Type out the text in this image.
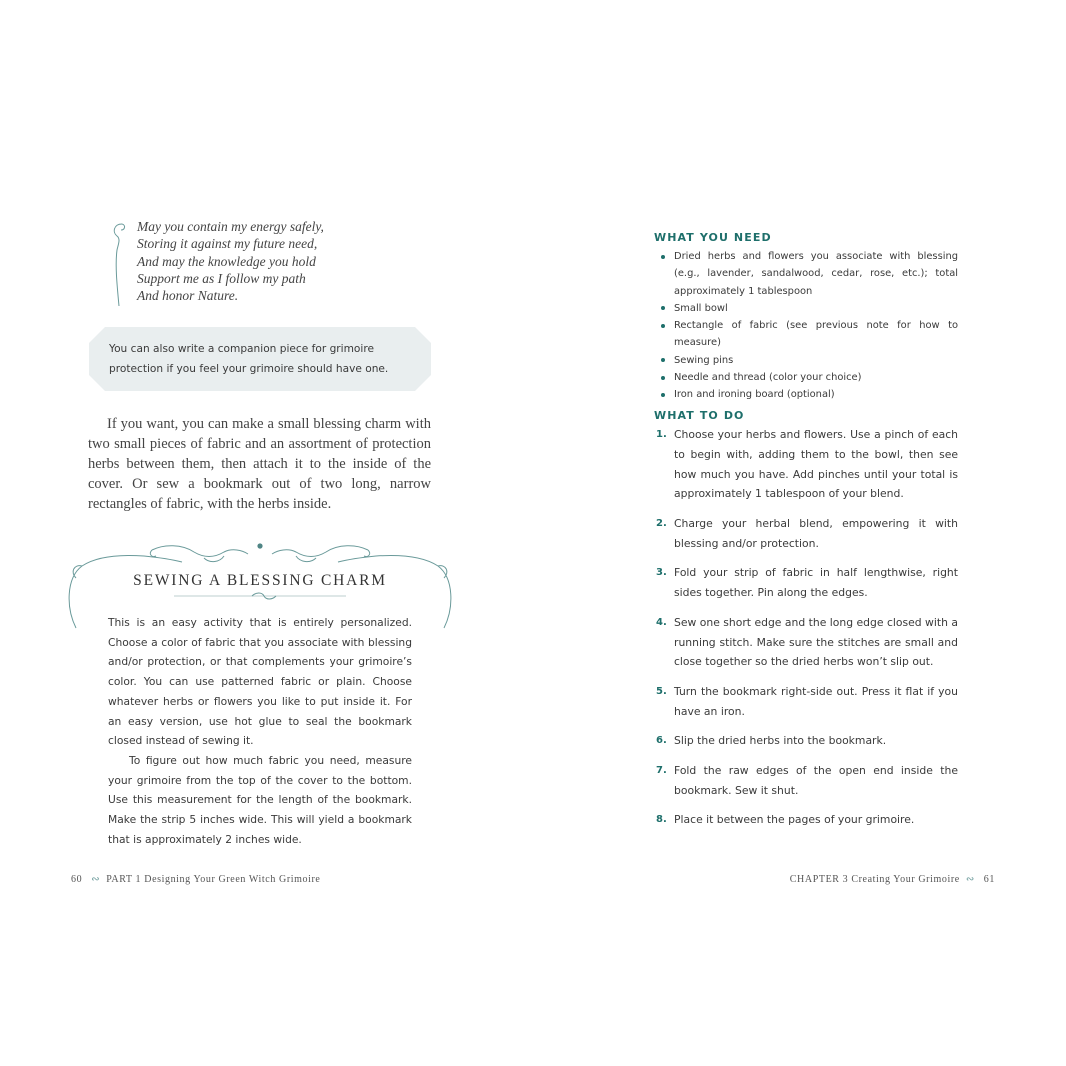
May you contain my energy safely,
Storing it against my future need,
And may the knowledge you hold
Support me as I follow my path
And honor Nature.
You can also write a companion piece for grimoire protection if you feel your grimoire should have one.
If you want, you can make a small blessing charm with two small pieces of fabric and an assortment of protection herbs between them, then attach it to the inside of the cover. Or sew a bookmark out of two long, narrow rectangles of fabric, with the herbs inside.
SEWING A BLESSING CHARM

This is an easy activity that is entirely personalized. Choose a color of fabric that you associate with blessing and/or protection, or that complements your grimoire’s color. You can use patterned fabric or plain. Choose whatever herbs or flowers you like to put inside it. For an easy version, use hot glue to seal the bookmark closed instead of sewing it.

To figure out how much fabric you need, measure your grimoire from the top of the cover to the bottom. Use this measurement for the length of the bookmark. Make the strip 5 inches wide. This will yield a bookmark that is approximately 2 inches wide.

60 ∾ PART 1 Designing Your Green Witch Grimoire
WHAT YOU NEED
Dried herbs and flowers you associate with blessing (e.g., lavender, sandalwood, cedar, rose, etc.); total approximately 1 tablespoon
Small bowl
Rectangle of fabric (see previous note for how to measure)
Sewing pins
Needle and thread (color your choice)
Iron and ironing board (optional)
WHAT TO DO
1. Choose your herbs and flowers. Use a pinch of each to begin with, adding them to the bowl, then see how much you have. Add pinches until your total is approximately 1 tablespoon of your blend.
2. Charge your herbal blend, empowering it with blessing and/or protection.
3. Fold your strip of fabric in half lengthwise, right sides together. Pin along the edges.
4. Sew one short edge and the long edge closed with a running stitch. Make sure the stitches are small and close together so the dried herbs won’t slip out.
5. Turn the bookmark right-side out. Press it flat if you have an iron.
6. Slip the dried herbs into the bookmark.
7. Fold the raw edges of the open end inside the bookmark. Sew it shut.
8. Place it between the pages of your grimoire.
CHAPTER 3 Creating Your Grimoire ∾ 61
